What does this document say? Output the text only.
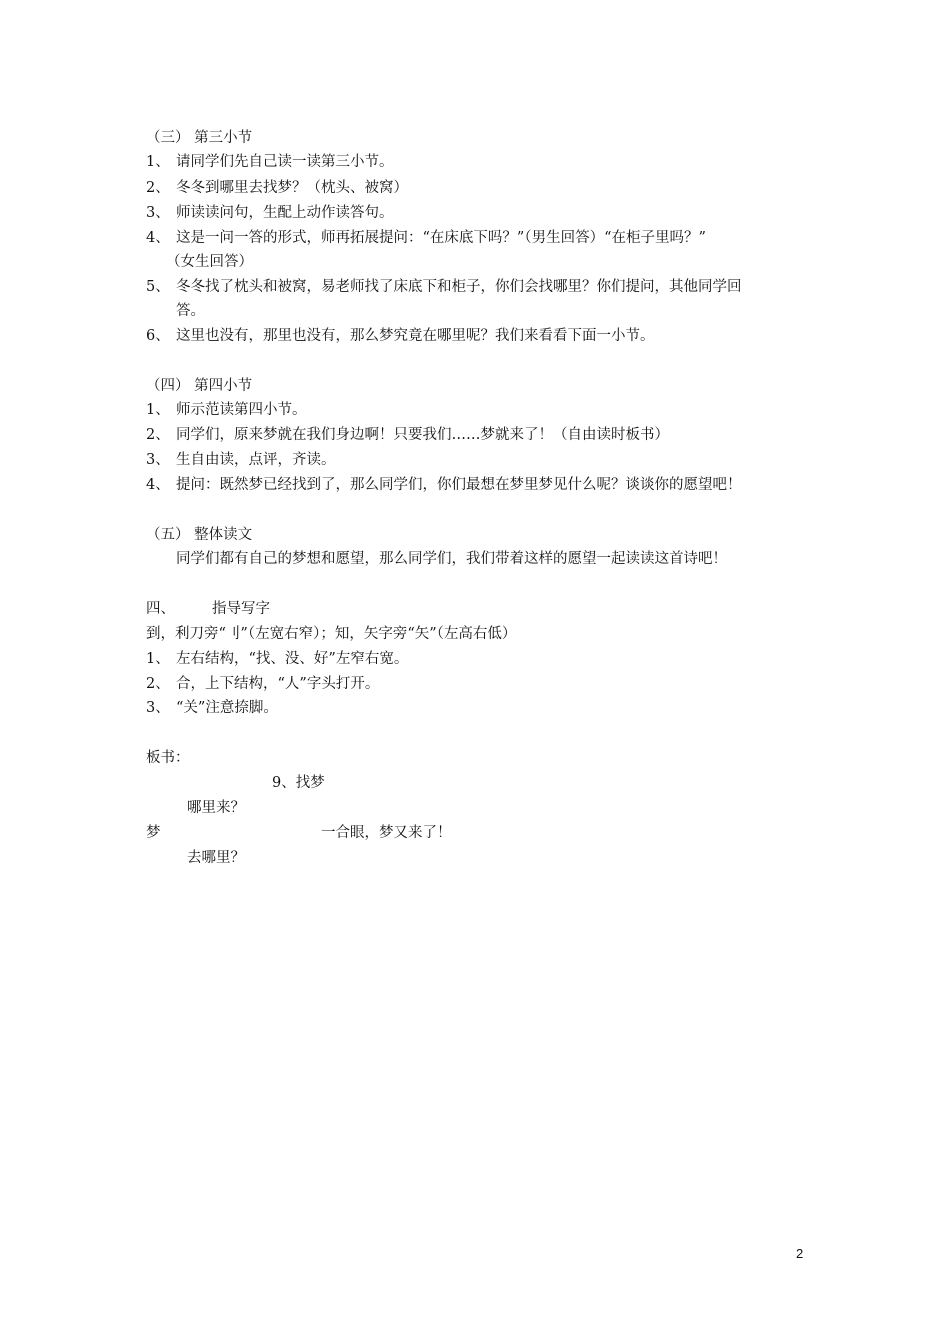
（三） 第三小节
1、 请同学们先自己读一读第三小节。
2、 冬冬到哪里去找梦？（枕头、被窝）
3、 师读读问句，生配上动作读答句。
4、 这是一问一答的形式，师再拓展提问：“在床底下吗？”（男生回答）“在柜子里吗？”
（女生回答）
5、 冬冬找了枕头和被窝，易老师找了床底下和柜子，你们会找哪里？你们提问，其他同学回
答。
6、 这里也没有，那里也没有，那么梦究竟在哪里呢？我们来看看下面一小节。
（四） 第四小节
1、 师示范读第四小节。
2、 同学们，原来梦就在我们身边啊！只要我们……梦就来了！（自由读时板书）
3、 生自由读，点评，齐读。
4、 提问：既然梦已经找到了，那么同学们，你们最想在梦里梦见什么呢？谈谈你的愿望吧！
（五） 整体读文
同学们都有自己的梦想和愿望，那么同学们，我们带着这样的愿望一起读读这首诗吧！
四、	指导写字
到，利刀旁“刂”（左宽右窄）；知，矢字旁“矢”（左高右低）
1、 左右结构，“找、没、好”左窄右宽。
2、 合，上下结构，“人”字头打开。
3、 “关”注意捺脚。
板书：
9、找梦
哪里来？
梦	一合眼，梦又来了！
去哪里？
2
